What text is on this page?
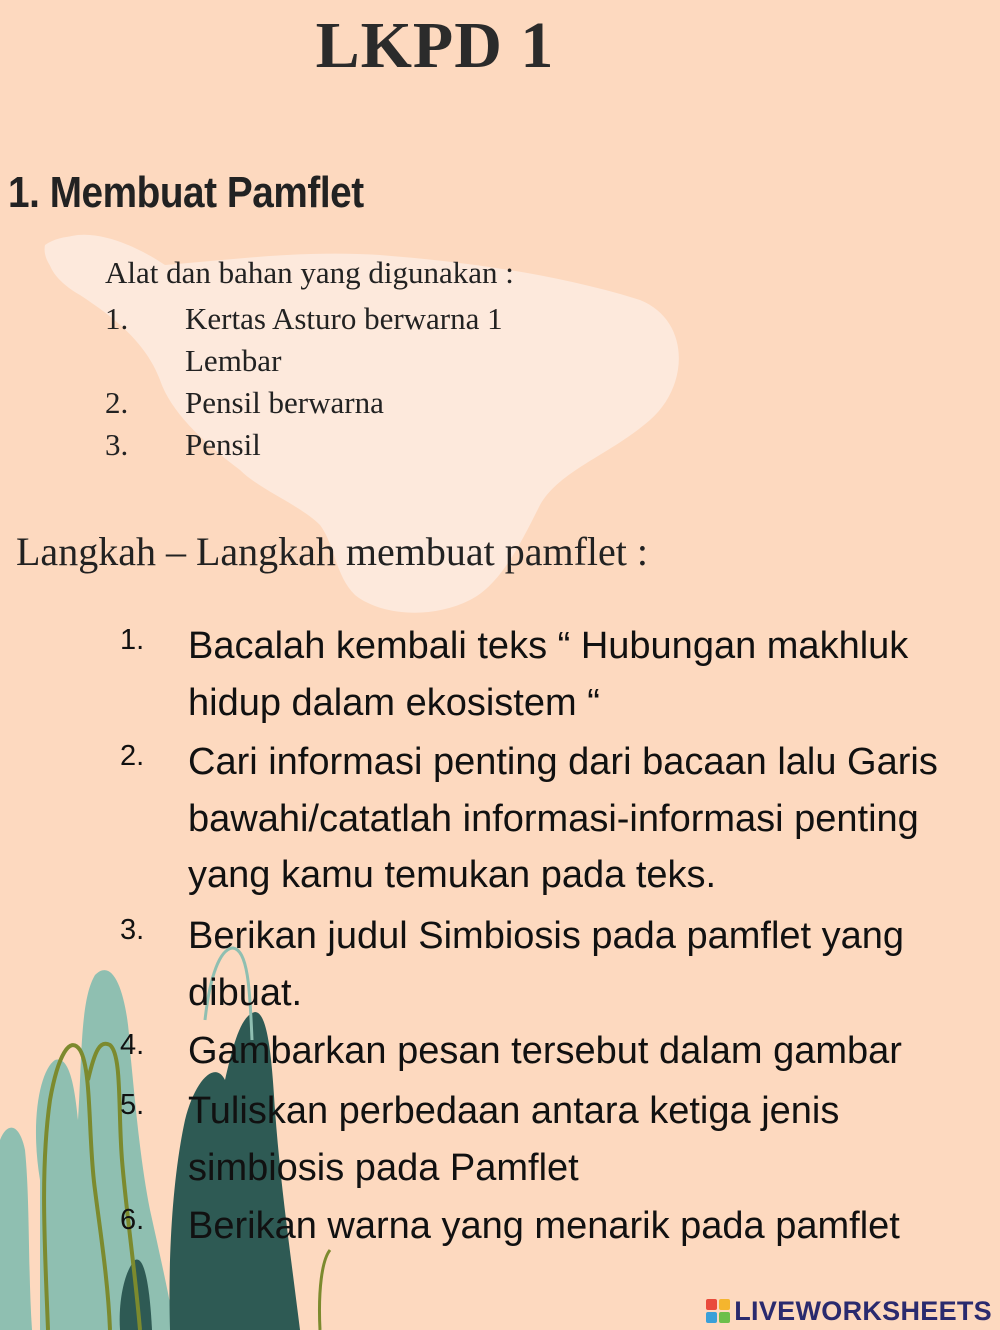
LKPD 1
1. Membuat Pamflet
Alat dan bahan yang digunakan :
1. Kertas Asturo berwarna 1 Lembar
2. Pensil berwarna
3. Pensil
Langkah – Langkah membuat pamflet :
1. Bacalah kembali teks “ Hubungan makhluk hidup dalam ekosistem “
2. Cari informasi penting dari bacaan lalu Garis bawahi/catatlah informasi-informasi penting yang kamu temukan pada teks.
3. Berikan judul Simbiosis pada pamflet yang dibuat.
4. Gambarkan pesan tersebut dalam gambar
5. Tuliskan perbedaan antara ketiga jenis simbiosis pada Pamflet
6. Berikan warna yang menarik pada pamflet
LIVEWORKSHEETS
